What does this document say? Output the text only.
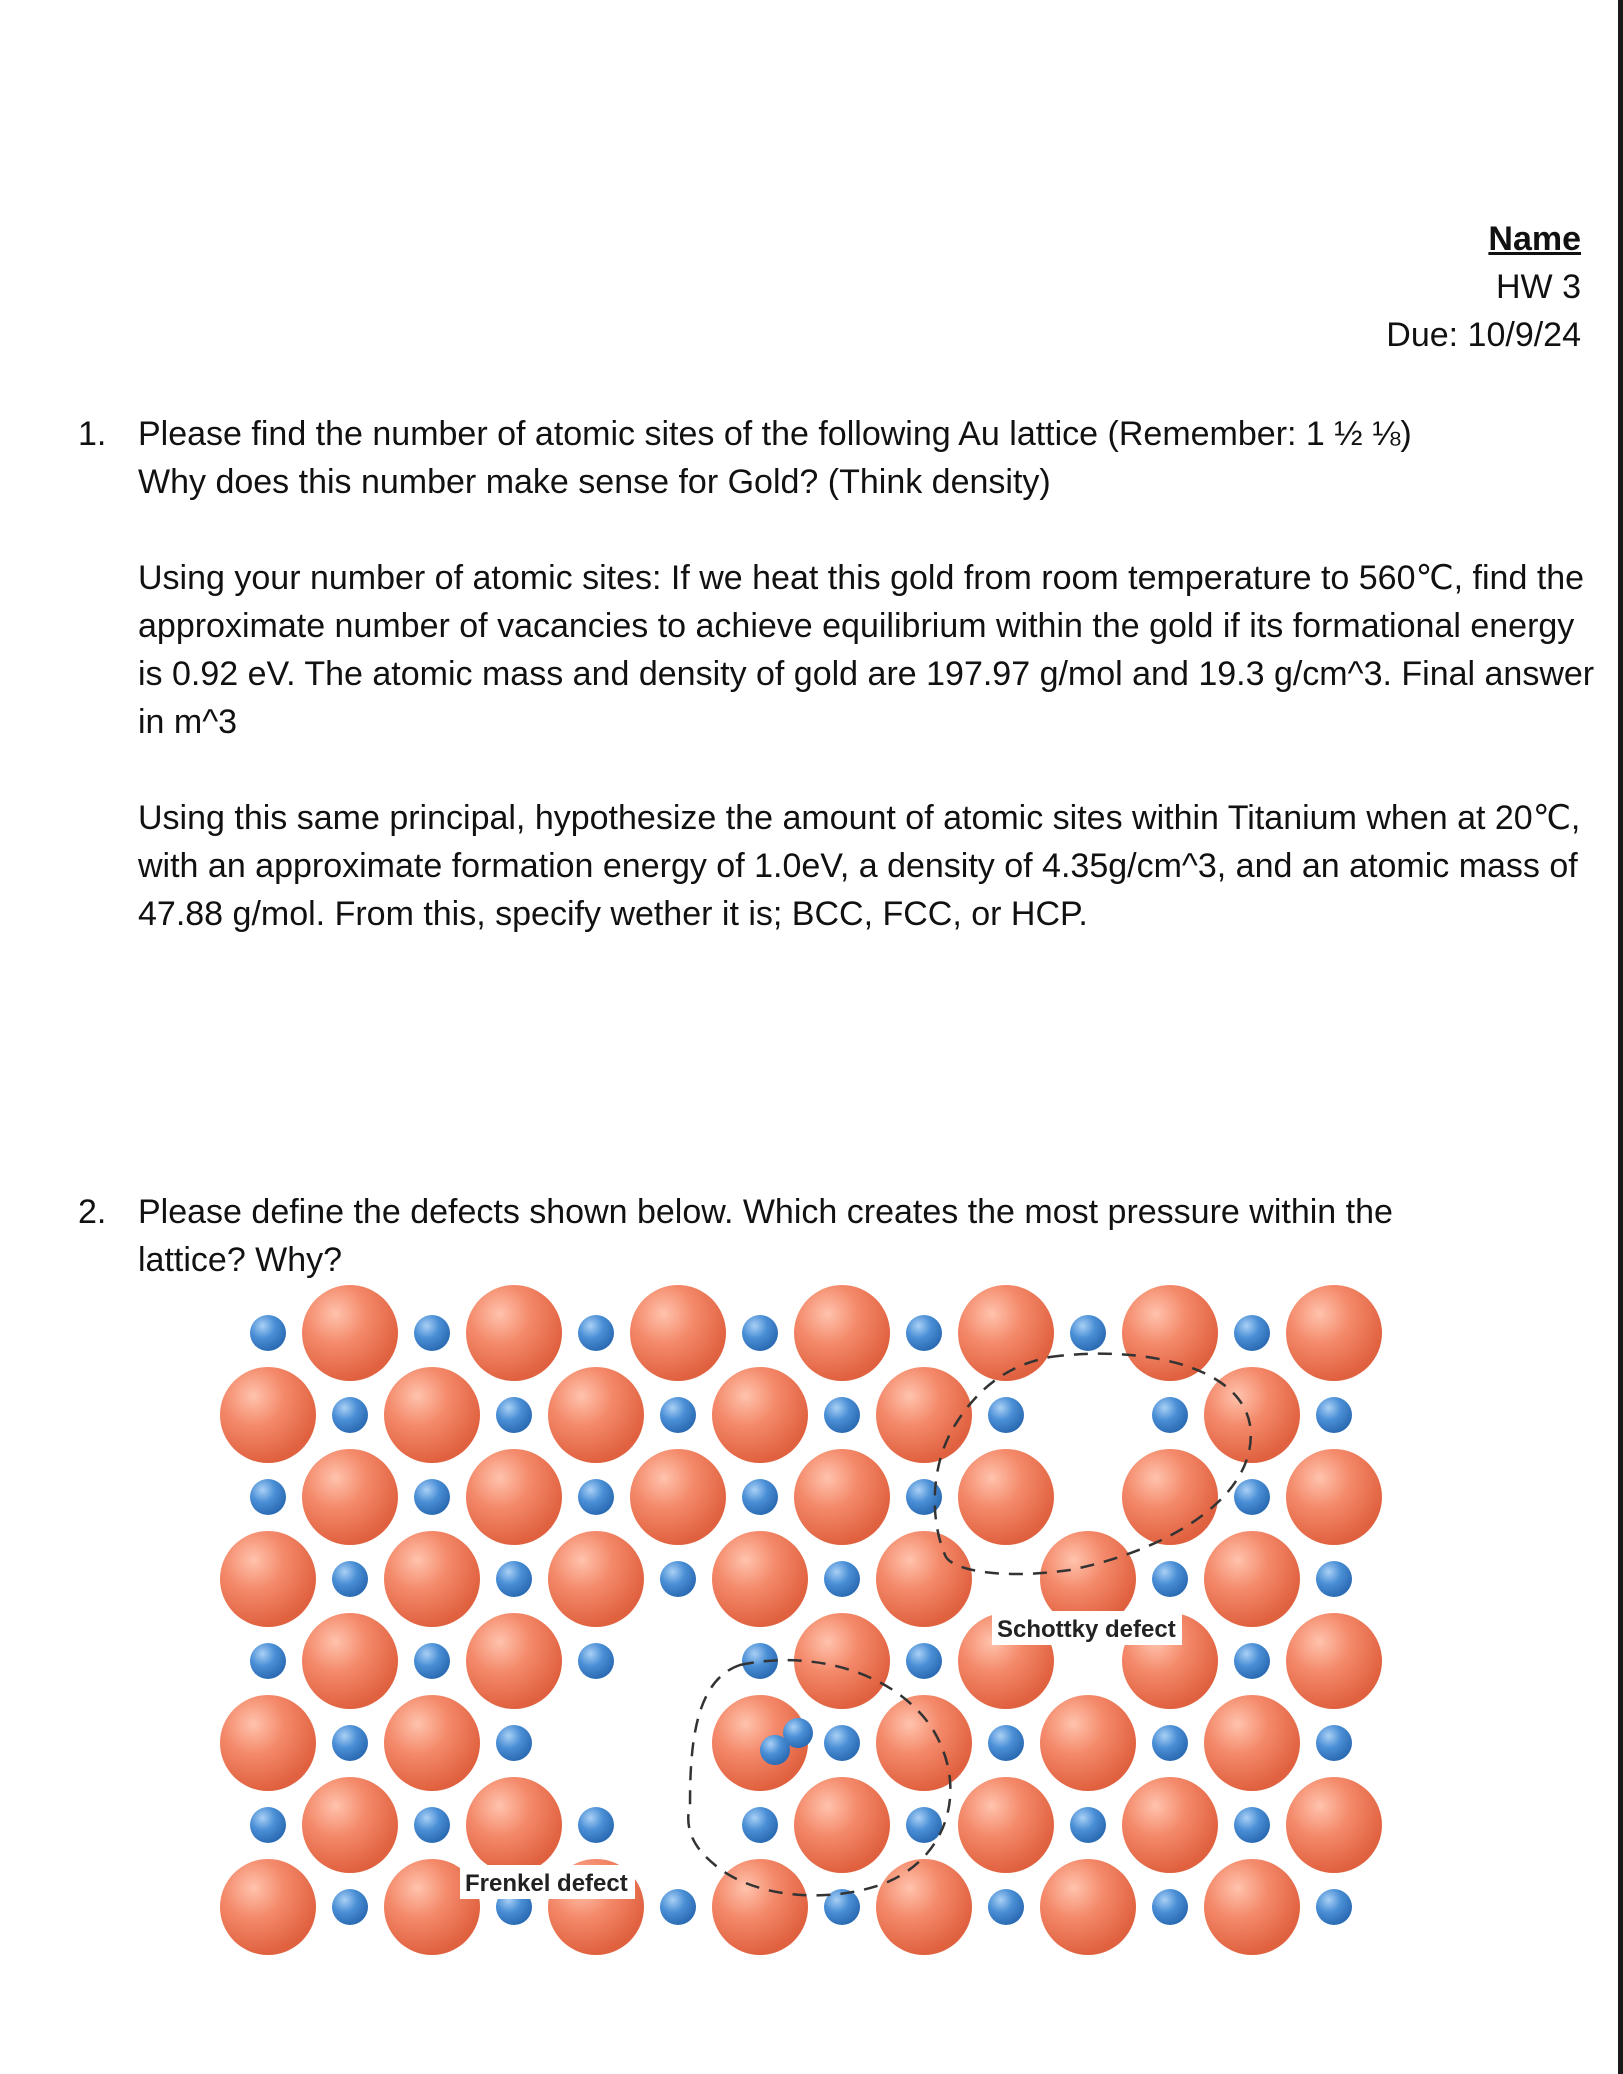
Name
HW 3
Due: 10/9/24
1. Please find the number of atomic sites of the following Au lattice (Remember: 1 ½ ⅛)

Why does this number make sense for Gold? (Think density)

Using your number of atomic sites: If we heat this gold from room temperature to 560℃, find the approximate number of vacancies to achieve equilibrium within the gold if its formational energy is 0.92 eV. The atomic mass and density of gold are 197.97 g/mol and 19.3 g/cm^3. Final answer in m^3

Using this same principal, hypothesize the amount of atomic sites within Titanium when at 20℃, with an approximate formation energy of 1.0eV, a density of 4.35g/cm^3, and an atomic mass of 47.88 g/mol. From this, specify wether it is; BCC, FCC, or HCP.

2. Please define the defects shown below. Which creates the most pressure within the

lattice? Why?

Schottky defect
Frenkel defect
